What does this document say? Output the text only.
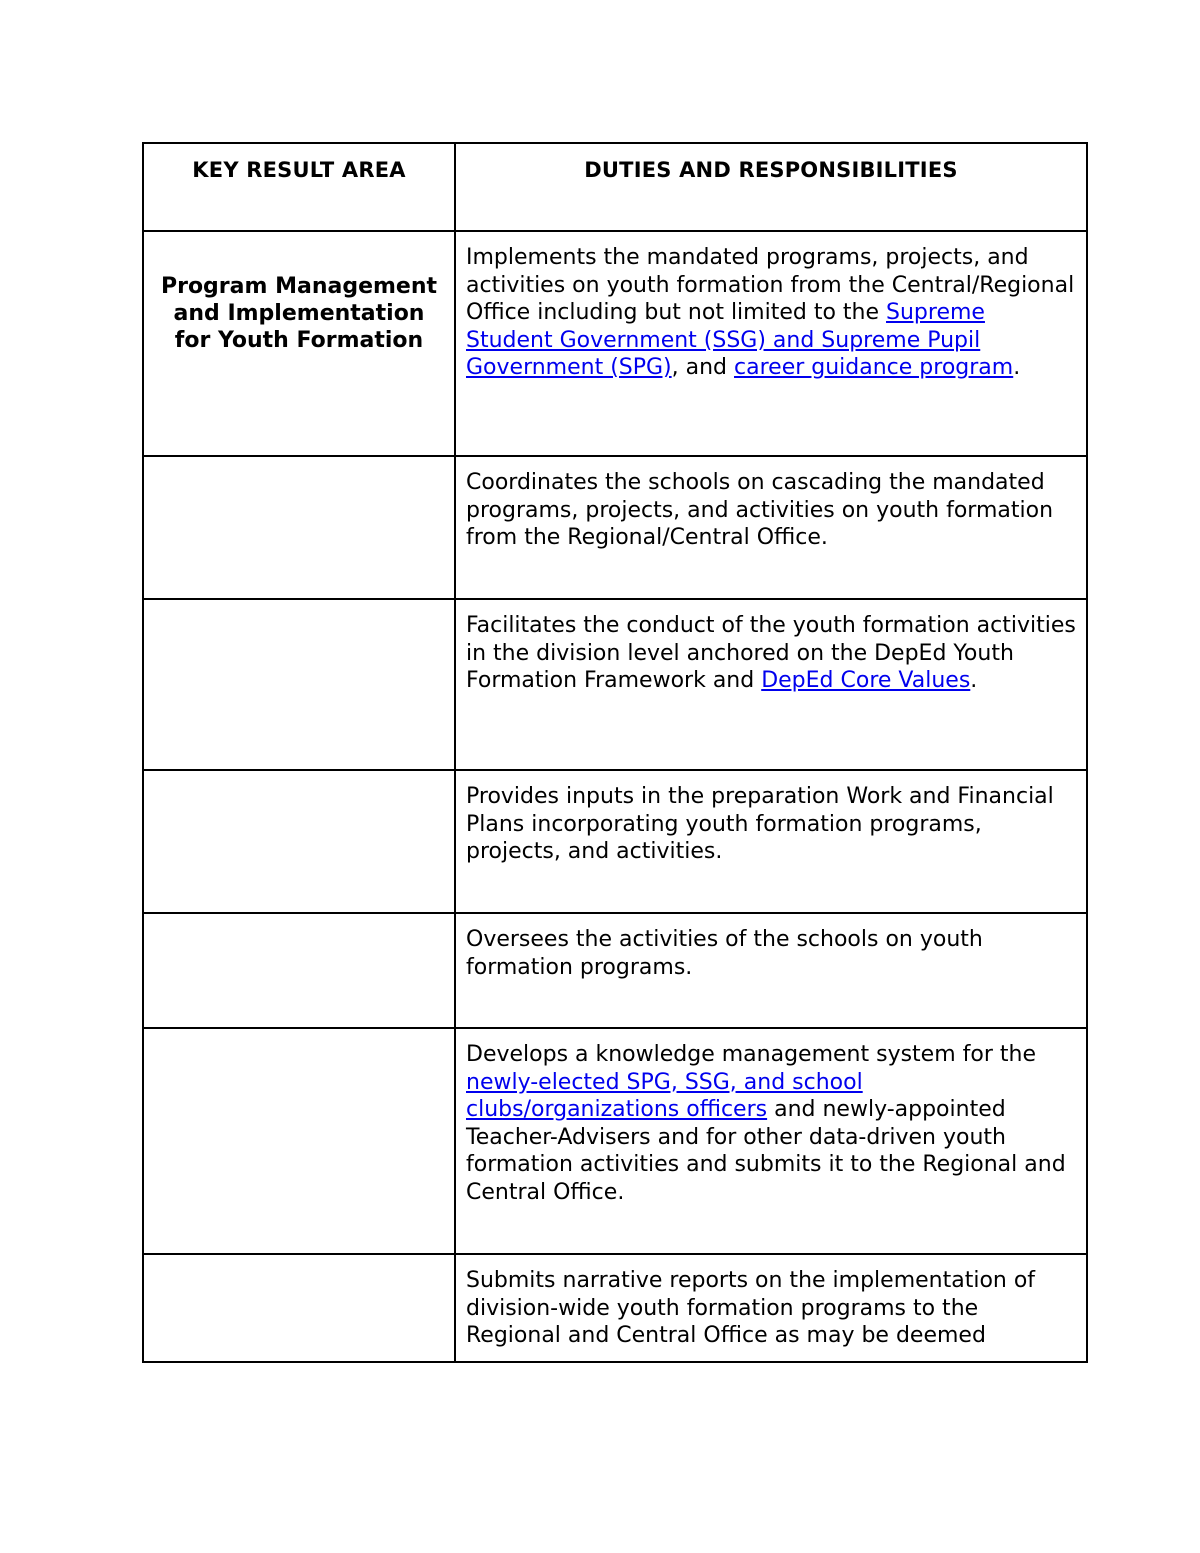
KEY RESULT AREA	DUTIES AND RESPONSIBILITIES

Program Management and Implementation for Youth Formation	Implements the mandated programs, projects, and activities on youth formation from the Central/Regional Office including but not limited to the Supreme Student Government (SSG) and Supreme Pupil Government (SPG), and career guidance program.

	Coordinates the schools on cascading the mandated programs, projects, and activities on youth formation from the Regional/Central Office.

	Facilitates the conduct of the youth formation activities in the division level anchored on the DepEd Youth Formation Framework and DepEd Core Values.

	Provides inputs in the preparation Work and Financial Plans incorporating youth formation programs, projects, and activities.

	Oversees the activities of the schools on youth formation programs.

	Develops a knowledge management system for the newly-elected SPG, SSG, and school clubs/organizations officers and newly-appointed Teacher-Advisers and for other data-driven youth formation activities and submits it to the Regional and Central Office.

	Submits narrative reports on the implementation of division-wide youth formation programs to the Regional and Central Office as may be deemed
